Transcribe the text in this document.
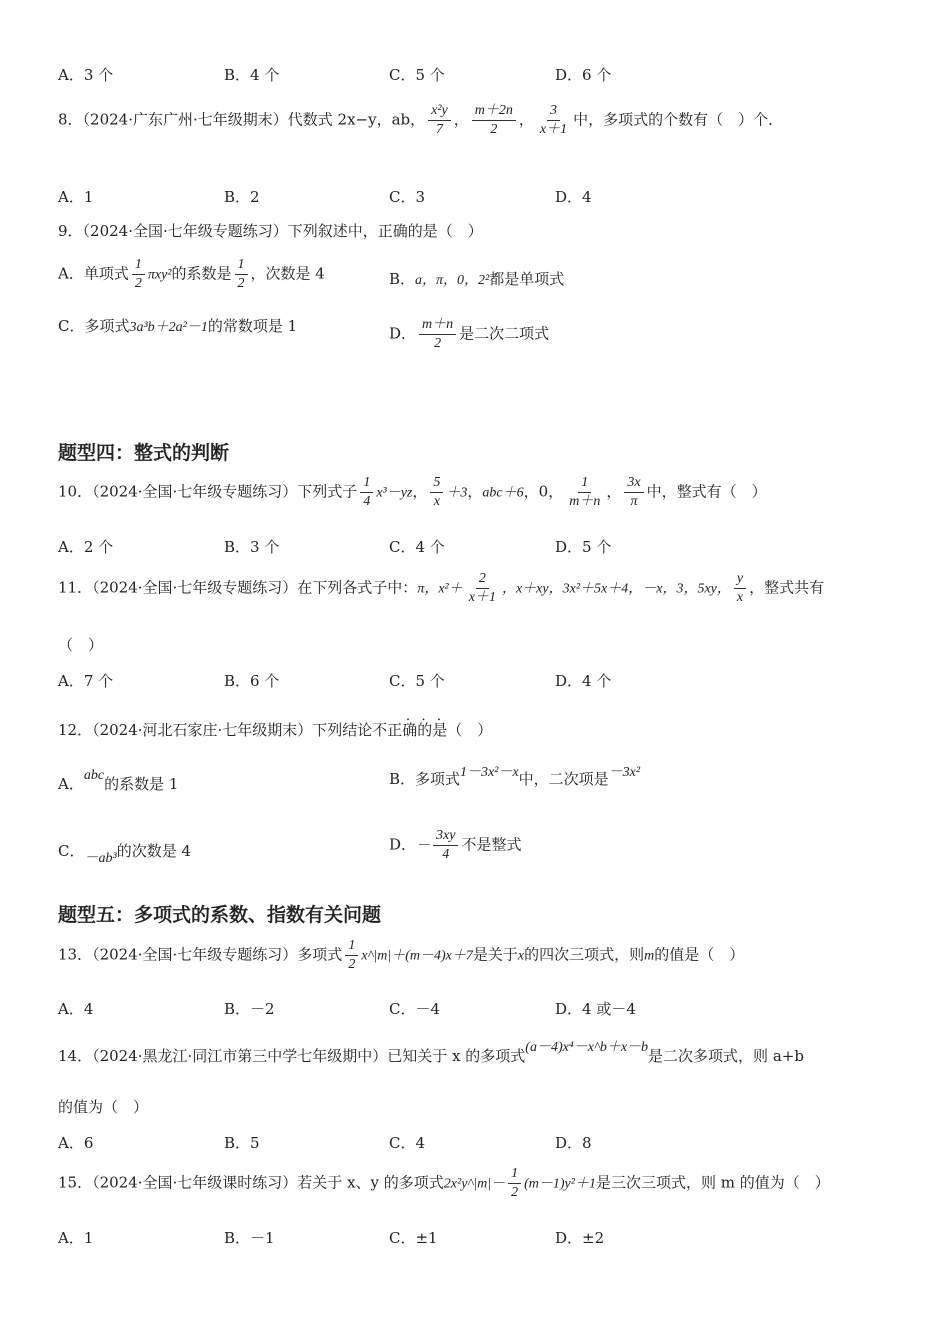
A．3 个	B．4 个	C．5 个	D．6 个
8．（2024·广东广州·七年级期末）代数式 2x−y，ab， $\frac{\text{x²y}}{7}$ ， $\frac{m+2n}{2}$ ， $\frac{3}{x+1}$ 中，多项式的个数有（　）个．
A．1	B．2	C．3	D．4
9．（2024·全国·七年级专题练习）下列叙述中，正确的是（　）
A．单项式 $\frac{1}{2} \pi xy^2$的系数是 $\frac{1}{2}$ ，次数是 4	B．a，π，0，2²都是单项式
C．多项式3a³b＋2a²－1的常数项是 1	D． $\frac{m+n}{2}$ 是二次二项式
题型四：整式的判断
10．（2024·全国·七年级专题练习）下列式子 $\frac{1}{4} x^3-yz$， $\frac{5}{x} +3$，abc＋6，0， $\frac{1}{m+n}$ ， $\frac{3x}{\pi}$ 中，整式有（　）
A．2 个	B．3 个	C．4 个	D．5 个
11．（2024·全国·七年级专题练习）在下列各式子中：π，$x^2+ \frac{2}{x+1}$ ，x＋xy，3x²＋5x＋4，－x，3，5xy， $\frac{y}{x}$ ，整式共有
（　）
A．7 个	B．6 个	C．5 个	D．4 个
．．．
12．（2024·河北石家庄·七年级期末）下列结论不正确的是（　）
A．abc的系数是 1	B．多项式1－3x²－x中，二次项是－3x²
C．－ab³的次数是 4	D．－ $\frac{3xy}{4}$ 不是整式
题型五：多项式的系数、指数有关问题
13．（2024·全国·七年级专题练习）多项式 $\frac{1}{2}$ x^|m|＋(m－4)x＋7是关于x的四次三项式，则m的值是（　）
A．4	B．－2	C．－4	D．4 或－4
14．（2024·黑龙江·同江市第三中学七年级期中）已知关于 x 的多项式(a－4)x⁴－x^b＋x－b是二次多项式，则 a+b
的值为（　）
A．6	B．5	C．4	D．8
15．（2024·全国·七年级课时练习）若关于 x、y 的多项式2x²y^|m|－ $\frac{1}{2} (m-1)y^2+1$是三次三项式，则 m 的值为（　）
A．1	B．－1	C．±1	D．±2
